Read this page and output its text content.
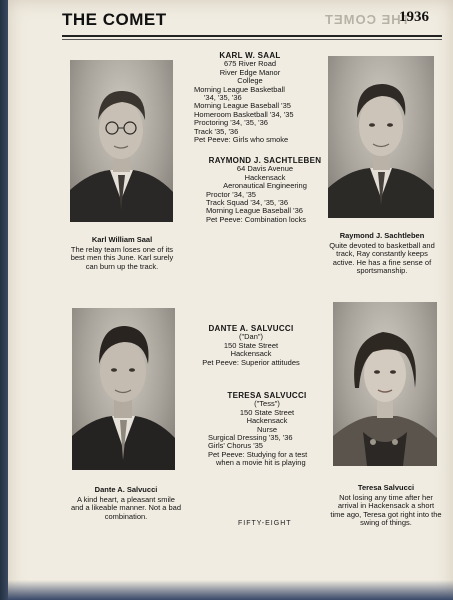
THE COMET	THE COMET
1936
KARL W. SAAL
675 River Road
River Edge Manor
College
Morning League Basketball
'34, '35, '36
Morning League Baseball '35
Homeroom Basketball '34, '35
Proctoring '34, '35, '36
Track '35, '36
Pet Peeve: Girls who smoke
RAYMOND J. SACHTLEBEN
64 Davis Avenue
Hackensack
Aeronautical Engineering
Proctor '34, '35
Track Squad '34, '35, '36
Morning League Baseball '36
Pet Peeve: Combination locks
Karl William Saal
The relay team loses one of its best men this June. Karl surely can burn up the track.
Raymond J. Sachtleben
Quite devoted to basketball and track, Ray constantly keeps active. He has a fine sense of sportsmanship.
DANTE A. SALVUCCI
("Dan")
150 State Street
Hackensack
Pet Peeve: Superior attitudes
TERESA SALVUCCI
("Tess")
150 State Street
Hackensack
Nurse
Surgical Dressing '35, '36
Girls' Chorus '35
Pet Peeve: Studying for a test
when a movie hit is playing
Dante A. Salvucci
A kind heart, a pleasant smile and a likeable manner. Not a bad combination.
Teresa Salvucci
Not losing any time after her arrival in Hackensack a short time ago, Teresa got right into the swing of things.
FIFTY-EIGHT
